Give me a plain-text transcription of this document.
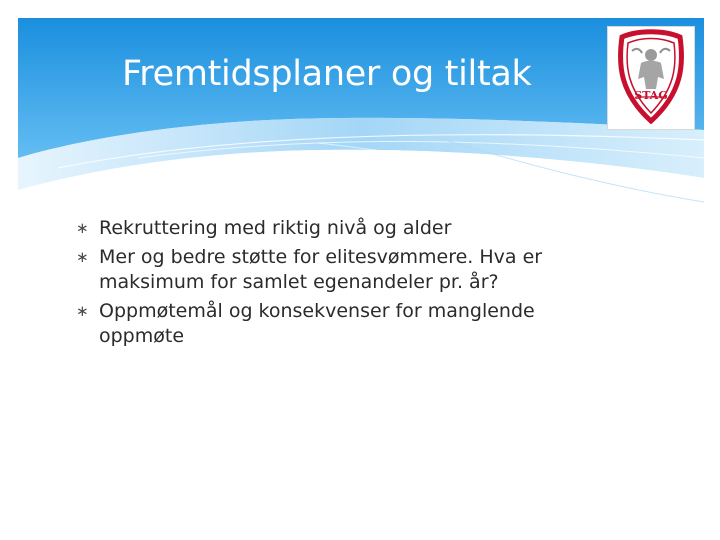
Fremtidsplaner og tiltak
STAG
∗ Rekruttering med riktig nivå og alder
∗ Mer og bedre støtte for elitesvømmere. Hva er maksimum for samlet egenandeler pr. år?
∗ Oppmøtemål og konsekvenser for manglende oppmøte
